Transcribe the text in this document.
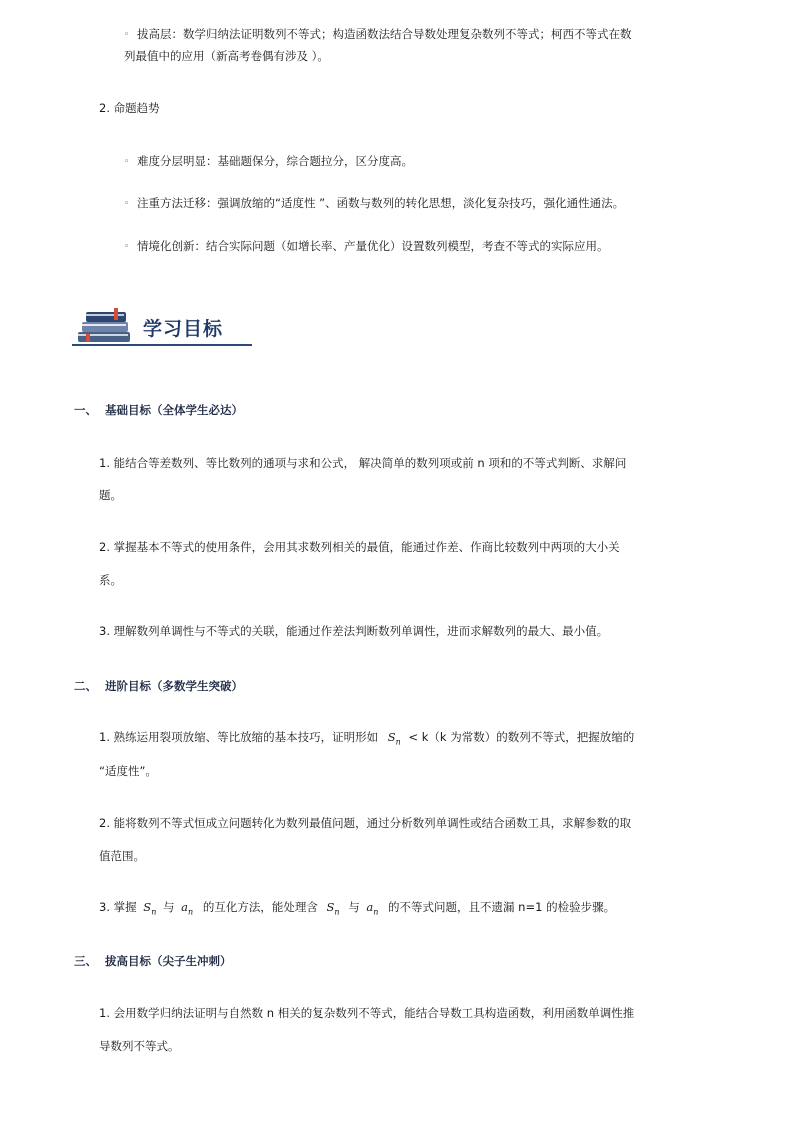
◦ 拔高层：数学归纳法证明数列不等式；构造函数法结合导数处理复杂数列不等式；柯西不等式在数
列最值中的应用（新高考卷偶有涉及 ）。
2. 命题趋势
◦ 难度分层明显：基础题保分，综合题拉分，区分度高。
◦ 注重方法迁移：强调放缩的“适度性 ”、函数与数列的转化思想，淡化复杂技巧，强化通性通法。
◦ 情境化创新：结合实际问题（如增长率、产量优化）设置数列模型，考查不等式的实际应用。
学习目标
一、 基础目标（全体学生必达）
1. 能结合等差数列、等比数列的通项与求和公式， 解决简单的数列项或前 n 项和的不等式判断、求解问
题。
2. 掌握基本不等式的使用条件，会用其求数列相关的最值，能通过作差、作商比较数列中两项的大小关
系。
3. 理解数列单调性与不等式的关联，能通过作差法判断数列单调性，进而求解数列的最大、最小值。
二、 进阶目标（多数学生突破）
1. 熟练运用裂项放缩、等比放缩的基本技巧，证明形如 $S_n < k(k$ 为常数）的数列不等式，把握放缩的
“适度性”。
2. 能将数列不等式恒成立问题转化为数列最值问题，通过分析数列单调性或结合函数工具，求解参数的取
值范围。
3. 掌握 $S_n$ 与 $a_n$ 的互化方法，能处理含 $S_n$ 与 $a_n$ 的不等式问题，且不遗漏 n=1 的检验步骤。
三、 拔高目标（尖子生冲刺）
1. 会用数学归纳法证明与自然数 n 相关的复杂数列不等式，能结合导数工具构造函数，利用函数单调性推
导数列不等式。
